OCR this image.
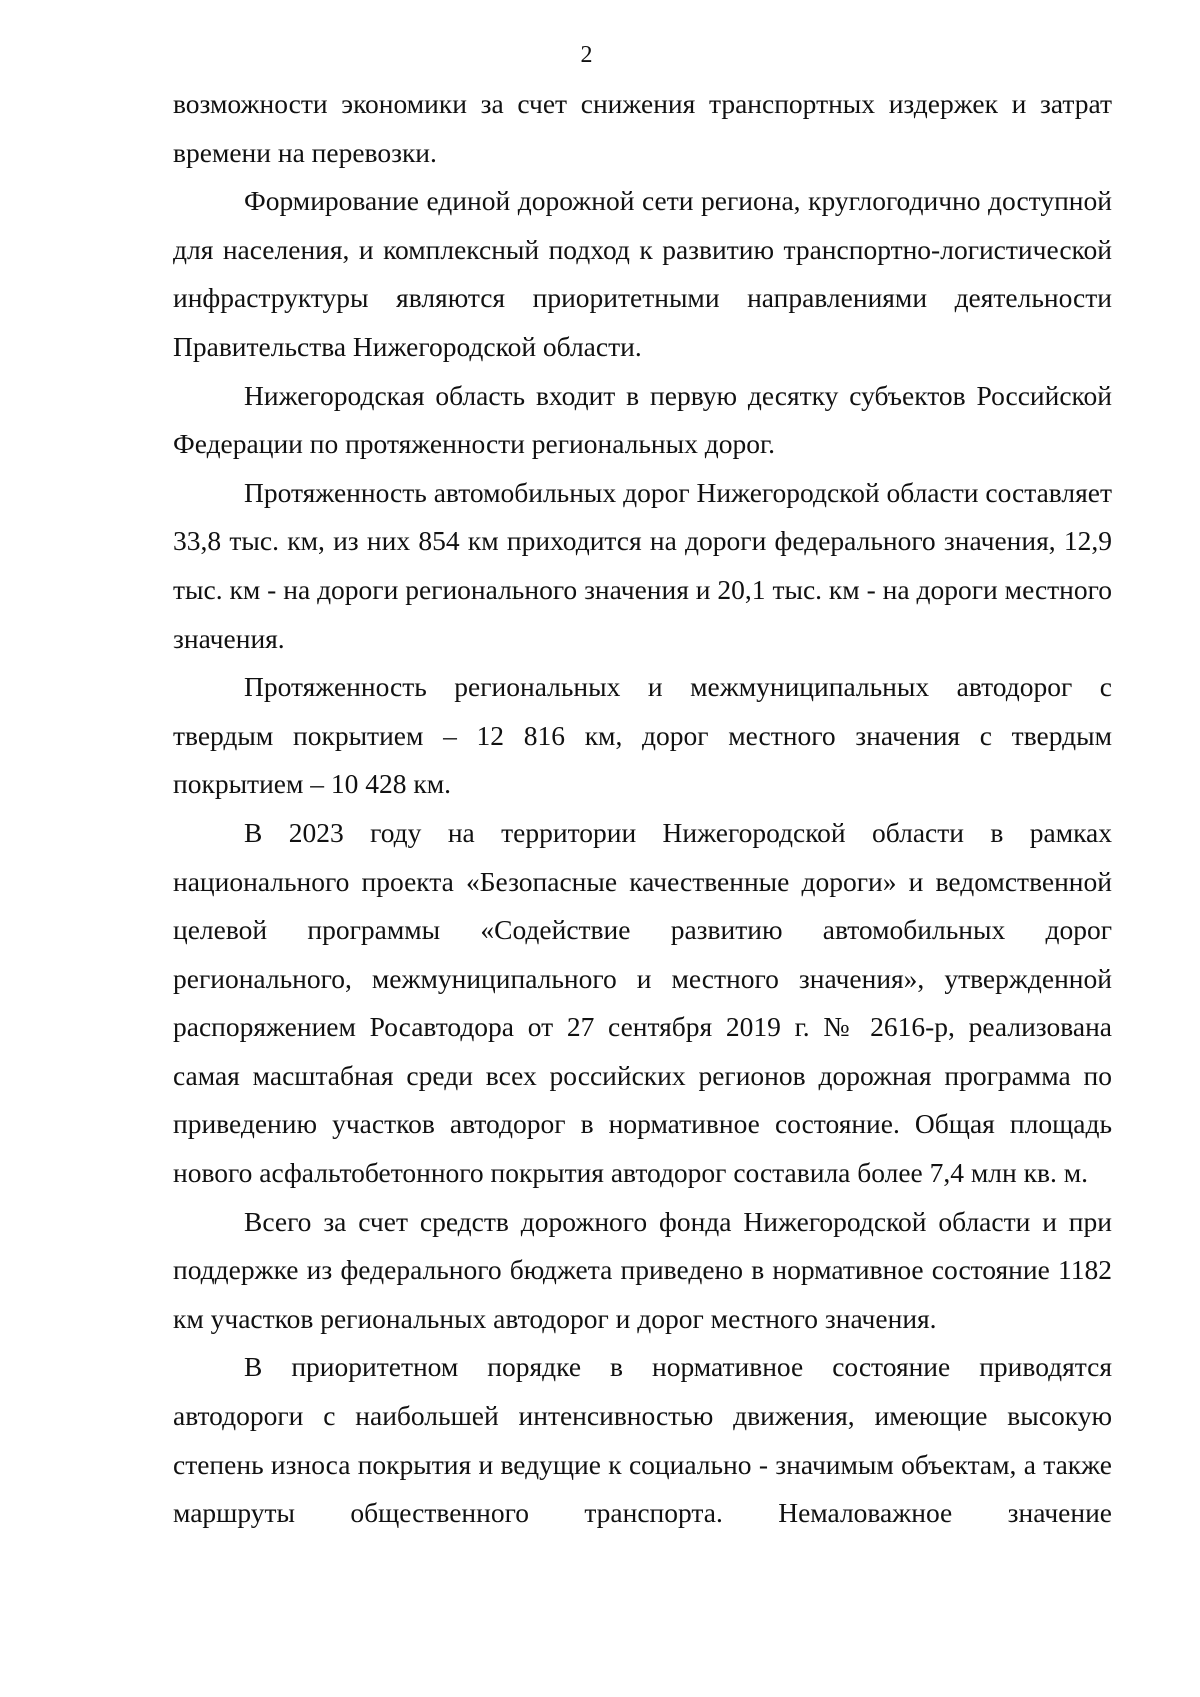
2

возможности экономики за счет снижения транспортных издержек и затрат времени на перевозки.

Формирование единой дорожной сети региона, круглогодично доступной для населения, и комплексный подход к развитию транспортно-логистической инфраструктуры являются приоритетными направлениями деятельности Правительства Нижегородской области.

Нижегородская область входит в первую десятку субъектов Российской Федерации по протяженности региональных дорог.

Протяженность автомобильных дорог Нижегородской области составляет 33,8 тыс. км, из них 854 км приходится на дороги федерального значения, 12,9 тыс. км - на дороги регионального значения и 20,1 тыс. км - на дороги местного значения.

Протяженность региональных и межмуниципальных автодорог с твердым покрытием – 12 816 км, дорог местного значения с твердым покрытием – 10 428 км.

В 2023 году на территории Нижегородской области в рамках национального проекта «Безопасные качественные дороги» и ведомственной целевой программы «Содействие развитию автомобильных дорог регионального, межмуниципального и местного значения», утвержденной распоряжением Росавтодора от 27 сентября 2019 г. № 2616-р, реализована самая масштабная среди всех российских регионов дорожная программа по приведению участков автодорог в нормативное состояние. Общая площадь нового асфальтобетонного покрытия автодорог составила более 7,4 млн кв. м.

Всего за счет средств дорожного фонда Нижегородской области и при поддержке из федерального бюджета приведено в нормативное состояние 1182 км участков региональных автодорог и дорог местного значения.

В приоритетном порядке в нормативное состояние приводятся автодороги с наибольшей интенсивностью движения, имеющие высокую степень износа покрытия и ведущие к социально - значимым объектам, а также маршруты общественного транспорта. Немаловажное значение
